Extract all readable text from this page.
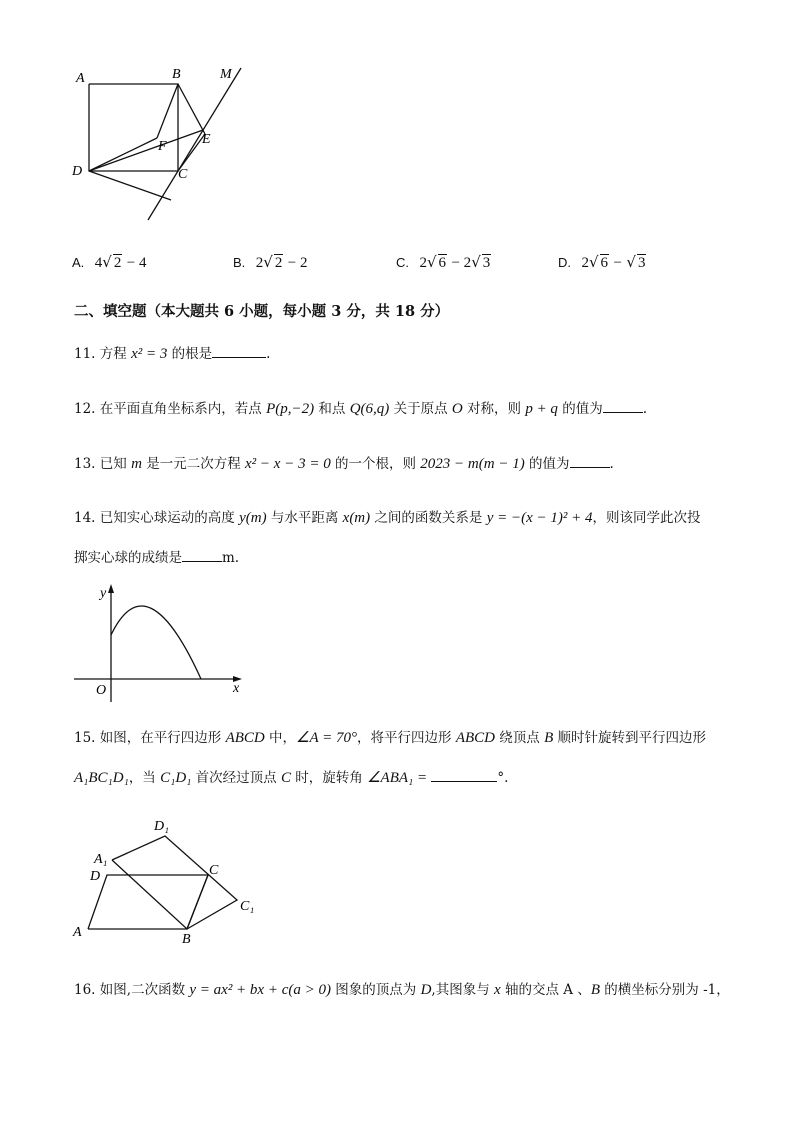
A	B	M
E
F
D	C
A. 4√ 2 − 4	B. 2√ 2 − 2	C. 2√ 6 − 2√ 3	D. 2√ 6 − √ 3
二、填空题（本大题共 6 小题，每小题 3 分，共 18 分）
11. 方程 x² = 3 的根是	.
12. 在平面直角坐标系内，若点 P(p,−2) 和点 Q(6,q) 关于原点 O 对称，则 p + q 的值为	.
13. 已知 m 是一元二次方程 x² − x − 3 = 0 的一个根，则 2023 − m(m − 1) 的值为	.
14. 已知实心球运动的高度 y(m) 与水平距离 x(m) 之间的函数关系是 y = −(x − 1)² + 4，则该同学此次投
掷实心球的成绩是	m.
y
x
O
15. 如图，在平行四边形 ABCD 中，∠A = 70°，将平行四边形 ABCD 绕顶点 B 顺时针旋转到平行四边形
A₁BC₁D₁，当 C₁D₁ 首次经过顶点 C 时，旋转角 ∠ABA₁ =	°.
D₁
A₁
D	C
C₁
A	B
16. 如图,二次函数 y = ax² + bx + c(a > 0) 图象的顶点为 D,其图象与 x 轴的交点 A 、B 的横坐标分别为 -1，
